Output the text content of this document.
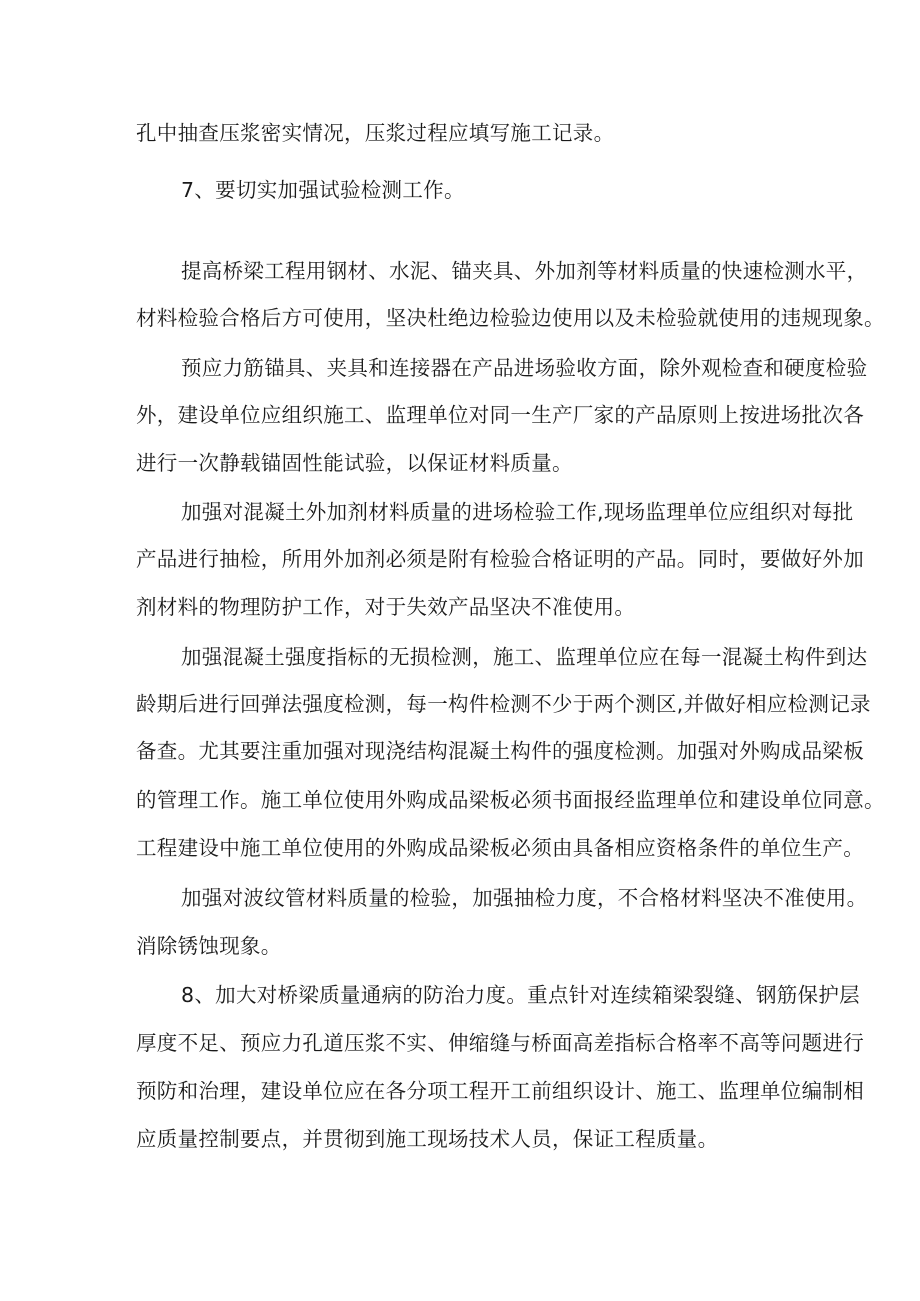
孔中抽查压浆密实情况，压浆过程应填写施工记录。
7、要切实加强试验检测工作。
提高桥梁工程用钢材、水泥、锚夹具、外加剂等材料质量的快速检测水平，
材料检验合格后方可使用，坚决杜绝边检验边使用以及未检验就使用的违规现象。
预应力筋锚具、夹具和连接器在产品进场验收方面，除外观检查和硬度检验
外，建设单位应组织施工、监理单位对同一生产厂家的产品原则上按进场批次各
进行一次静载锚固性能试验，以保证材料质量。
加强对混凝土外加剂材料质量的进场检验工作,现场监理单位应组织对每批
产品进行抽检，所用外加剂必须是附有检验合格证明的产品。同时，要做好外加
剂材料的物理防护工作，对于失效产品坚决不准使用。
加强混凝土强度指标的无损检测，施工、监理单位应在每一混凝土构件到达
龄期后进行回弹法强度检测，每一构件检测不少于两个测区,并做好相应检测记录
备查。尤其要注重加强对现浇结构混凝土构件的强度检测。加强对外购成品梁板
的管理工作。施工单位使用外购成品梁板必须书面报经监理单位和建设单位同意。
工程建设中施工单位使用的外购成品梁板必须由具备相应资格条件的单位生产。
加强对波纹管材料质量的检验，加强抽检力度，不合格材料坚决不准使用。
消除锈蚀现象。
8、加大对桥梁质量通病的防治力度。重点针对连续箱梁裂缝、钢筋保护层
厚度不足、预应力孔道压浆不实、伸缩缝与桥面高差指标合格率不高等问题进行
预防和治理，建设单位应在各分项工程开工前组织设计、施工、监理单位编制相
应质量控制要点，并贯彻到施工现场技术人员，保证工程质量。
